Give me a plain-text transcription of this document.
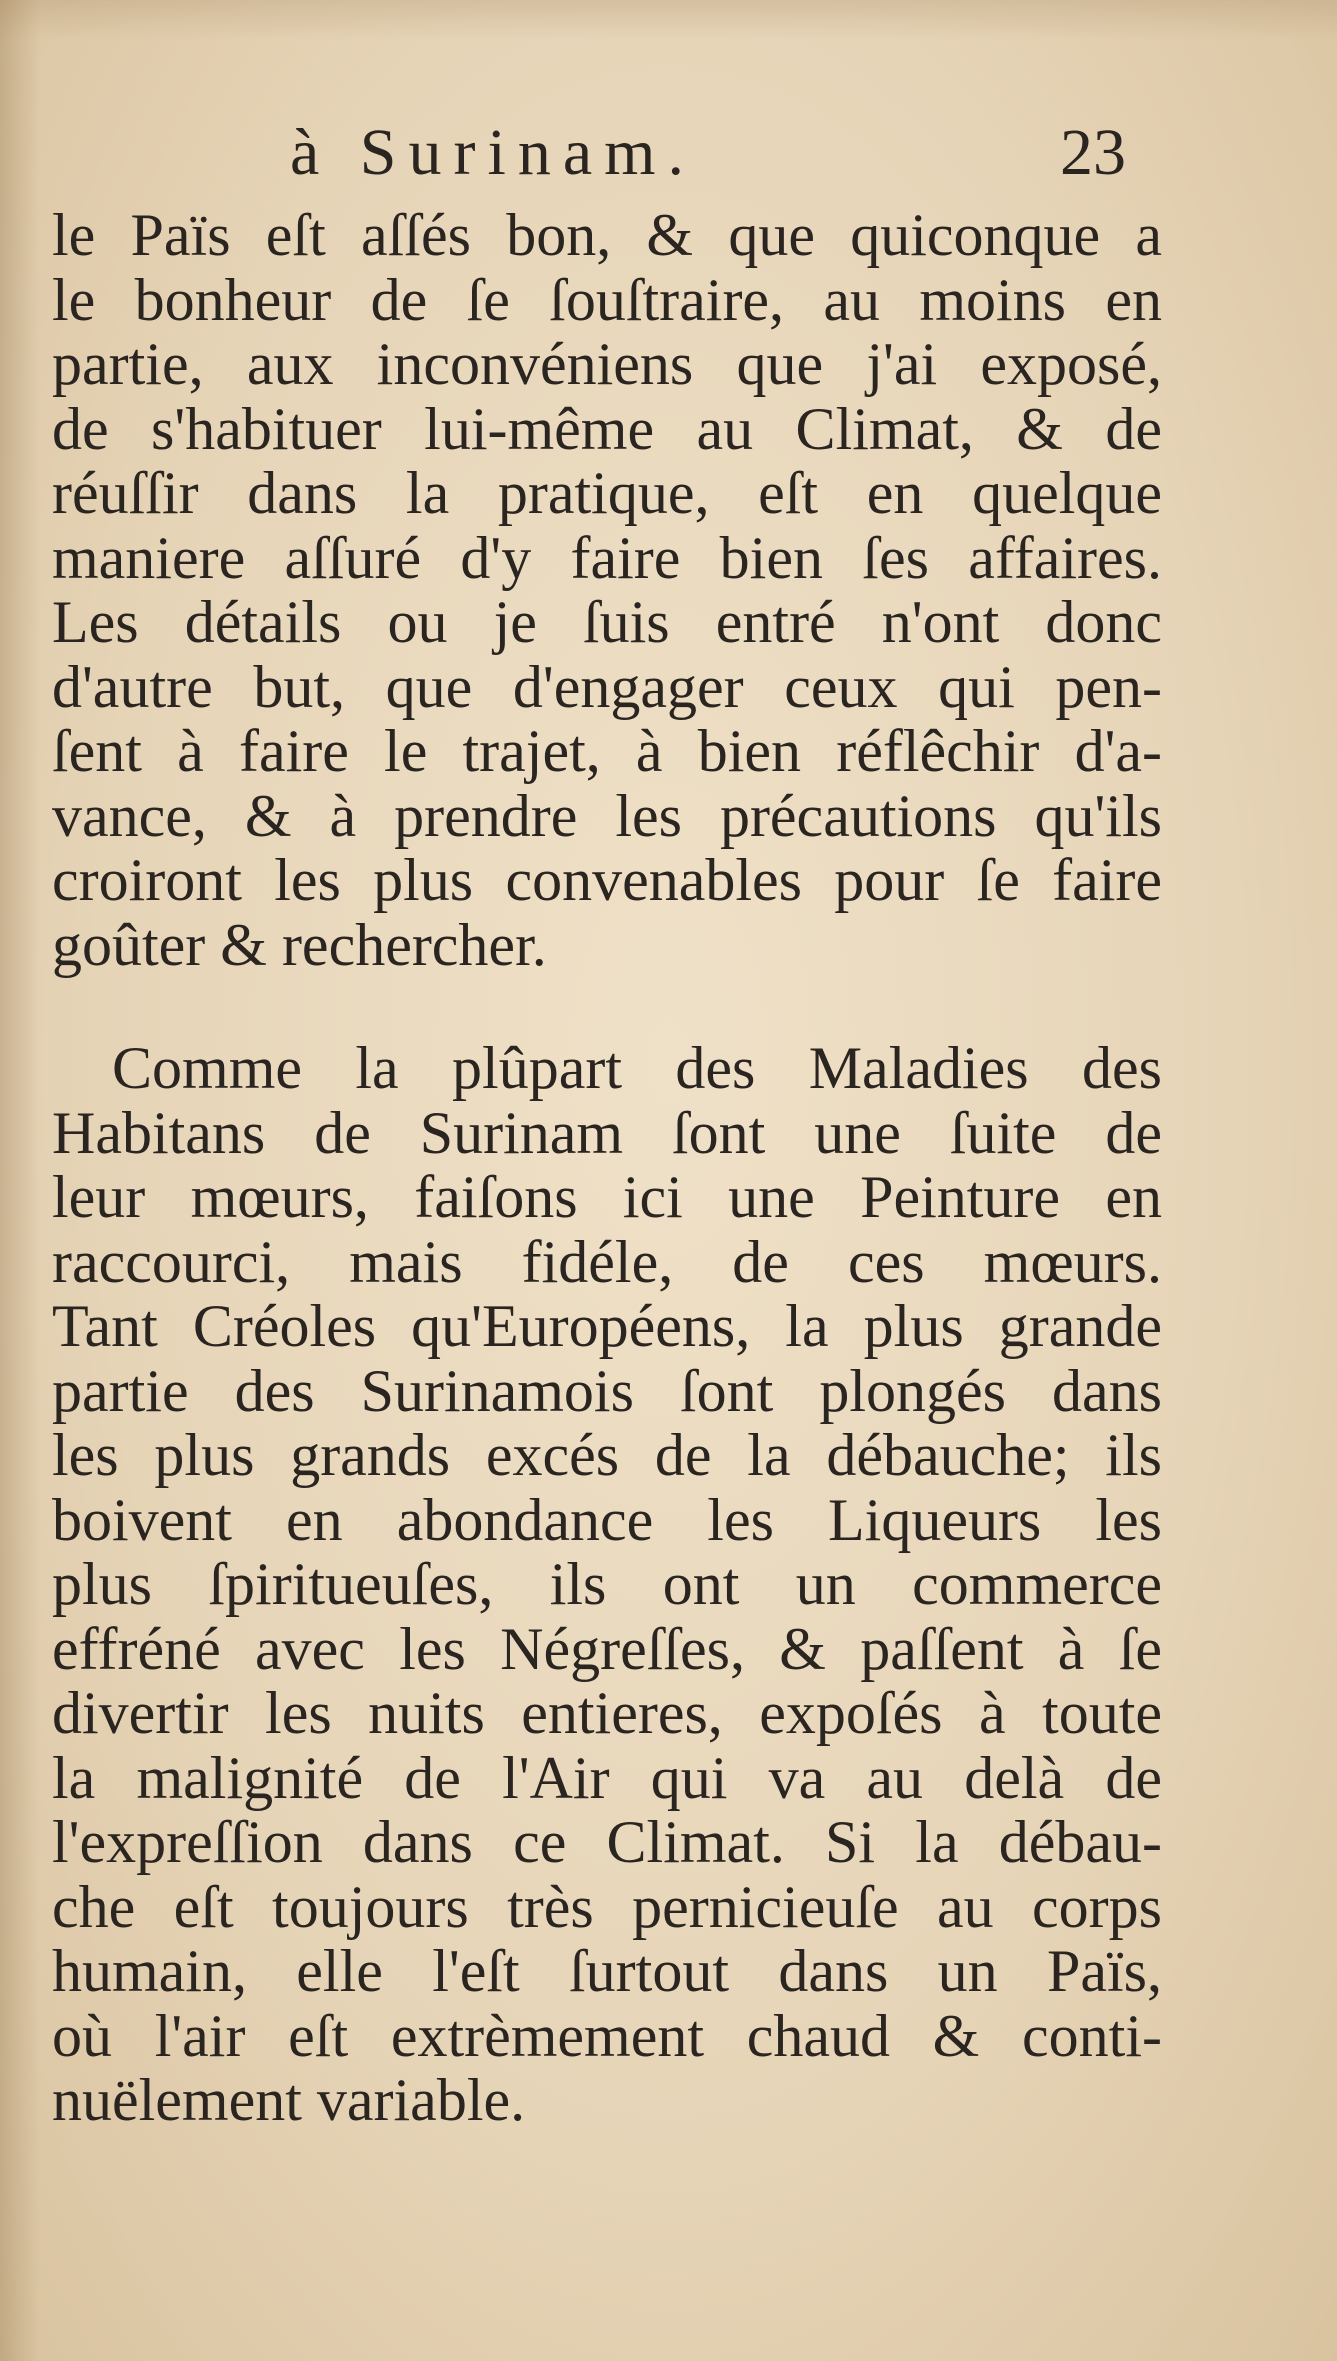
à Surinam.	23
le Païs eſt aſſés bon, & que quiconque a
le bonheur de ſe ſouſtraire, au moins en
partie, aux inconvéniens que j'ai exposé,
de s'habituer lui-même au Climat, & de
réuſſir dans la pratique, eſt en quelque
maniere aſſuré d'y faire bien ſes affaires.
Les détails ou je ſuis entré n'ont donc
d'autre but, que d'engager ceux qui pen-
ſent à faire le trajet, à bien réflêchir d'a-
vance, & à prendre les précautions qu'ils
croiront les plus convenables pour ſe faire
goûter & rechercher.
Comme la plûpart des Maladies des
Habitans de Surinam ſont une ſuite de
leur mœurs, faiſons ici une Peinture en
raccourci, mais fidéle, de ces mœurs.
Tant Créoles qu'Européens, la plus grande
partie des Surinamois ſont plongés dans
les plus grands excés de la débauche; ils
boivent en abondance les Liqueurs les
plus ſpiritueuſes, ils ont un commerce
effréné avec les Négreſſes, & paſſent à ſe
divertir les nuits entieres, expoſés à toute
la malignité de l'Air qui va au delà de
l'expreſſion dans ce Climat. Si la débau-
che eſt toujours très pernicieuſe au corps
humain, elle l'eſt ſurtout dans un Païs,
où l'air eſt extrèmement chaud & conti-
nuëlement variable.
